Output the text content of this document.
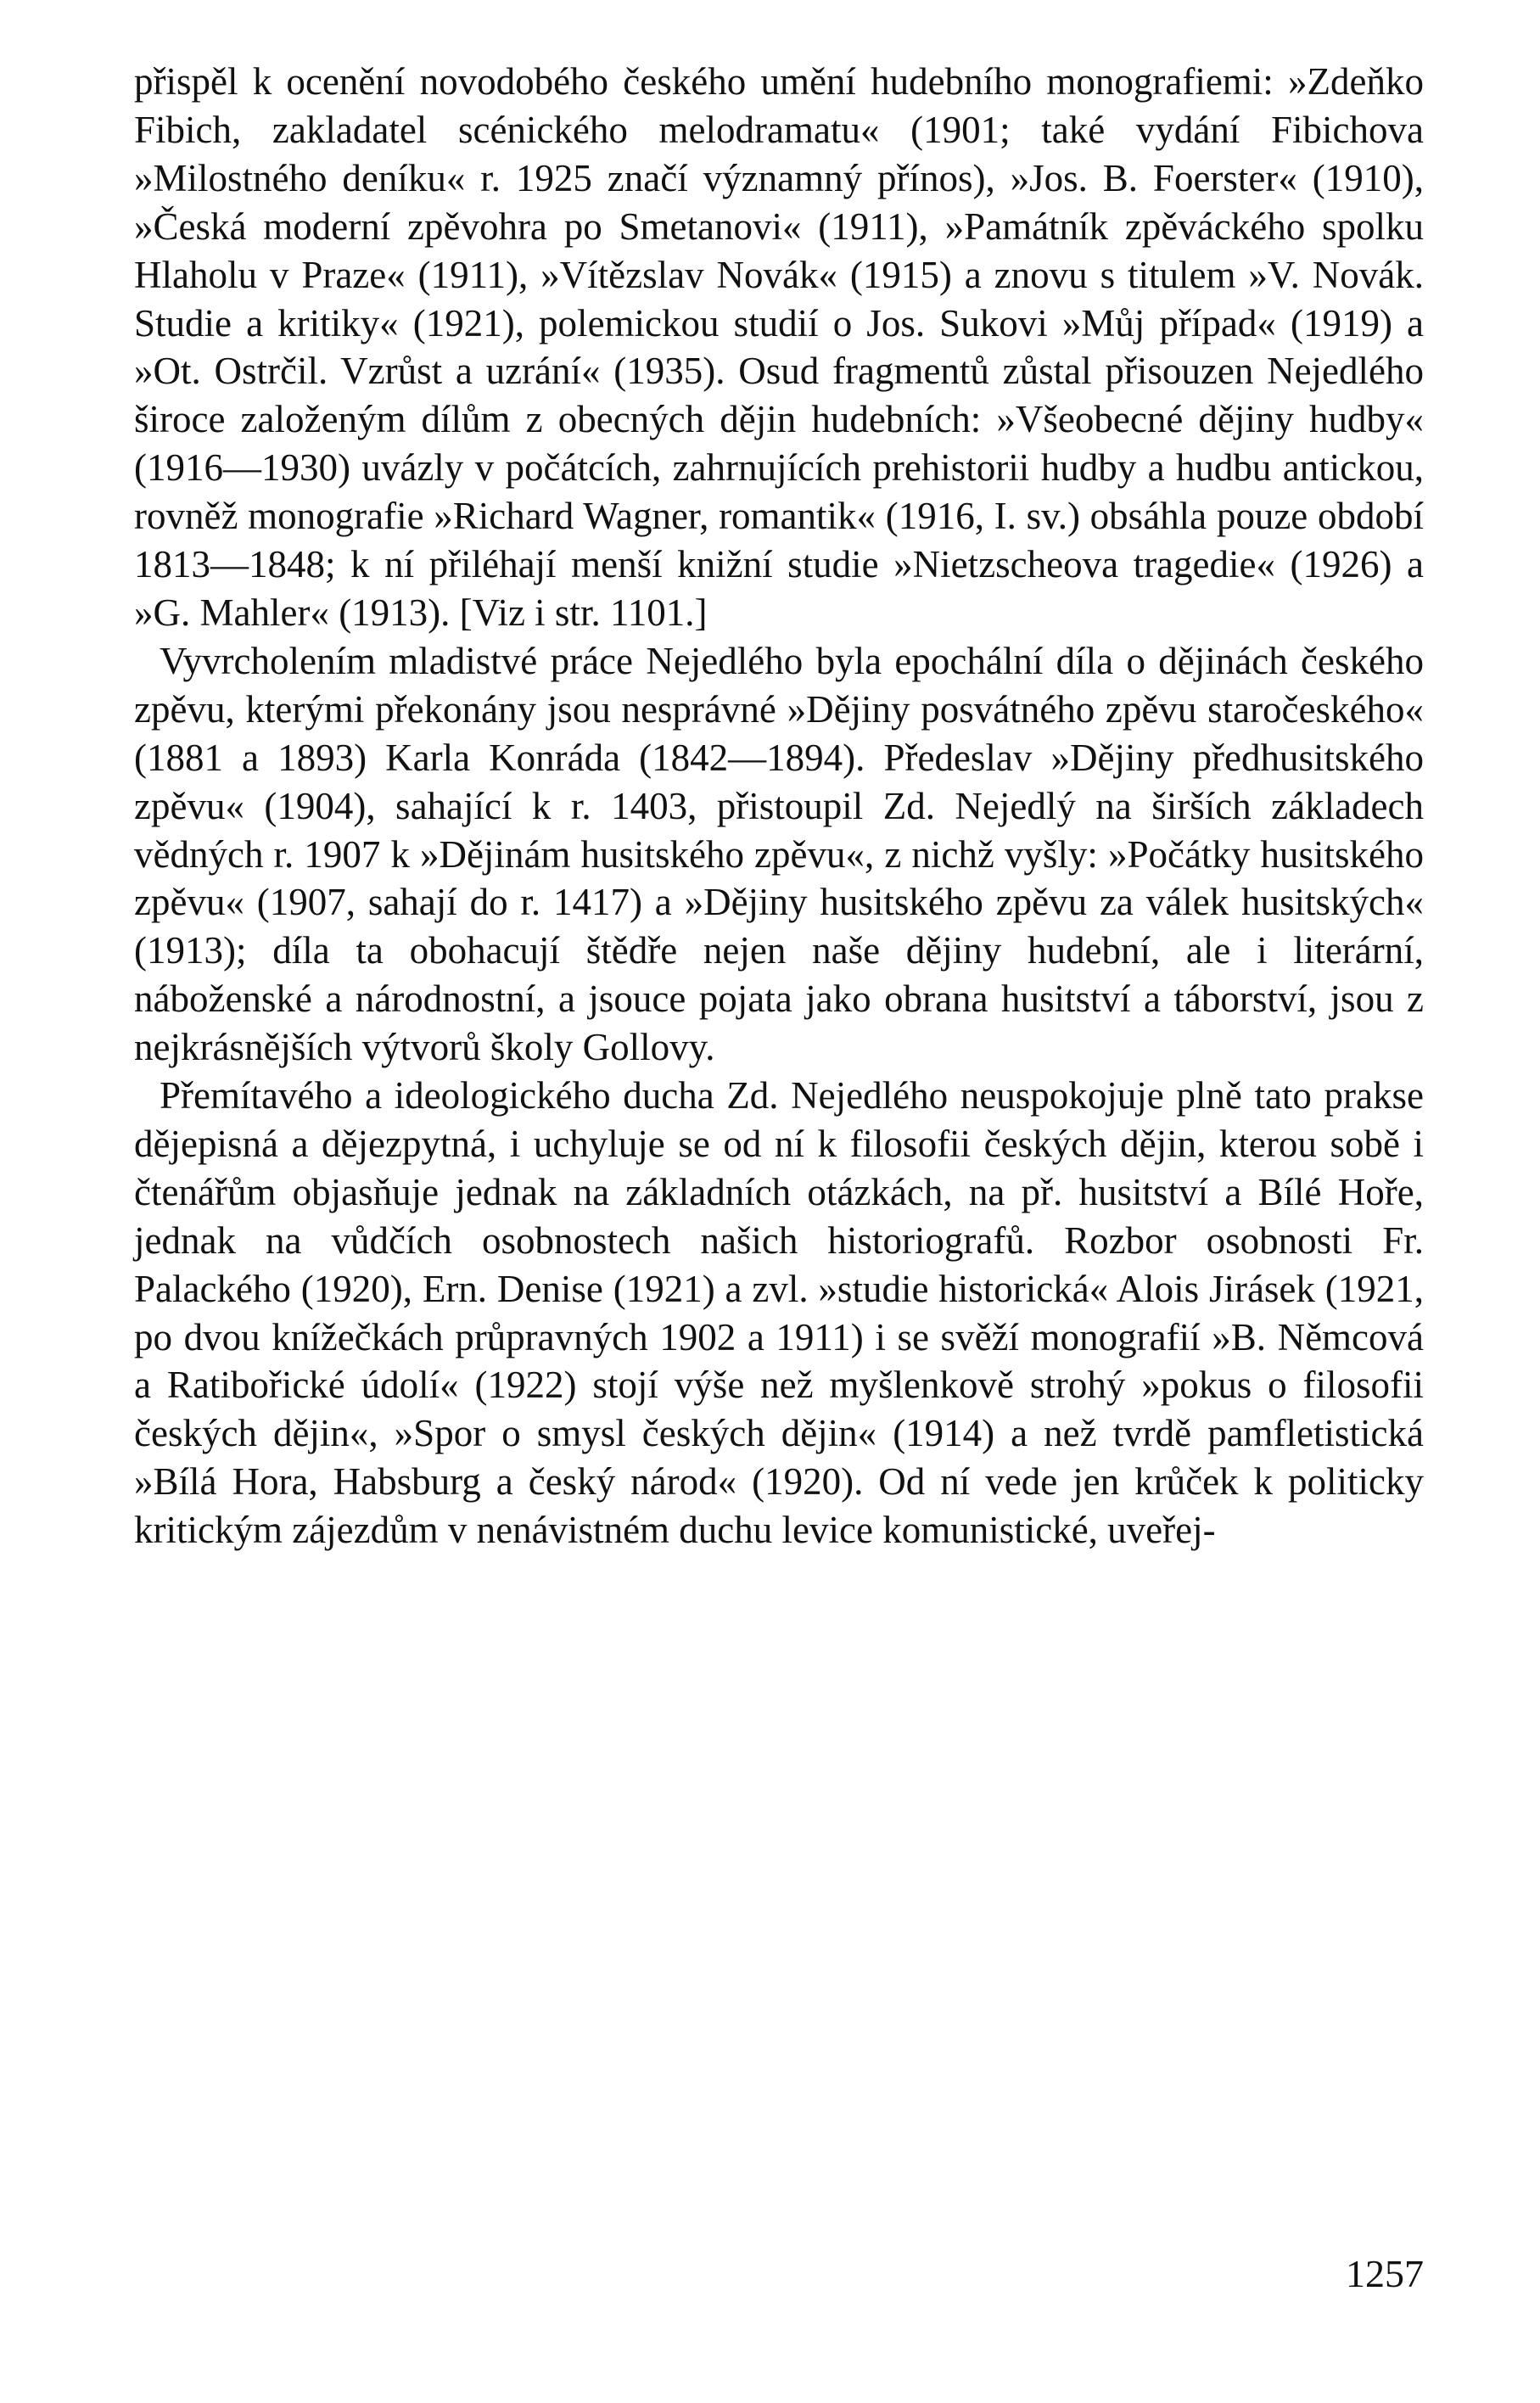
přispěl k ocenění novodobého českého umění hudebního monografiemi: »Zdeňko Fibich, zakladatel scénického melodramatu« (1901; také vydání Fibichova »Milostného deníku« r. 1925 značí významný přínos), »Jos. B. Foerster« (1910), »Česká moderní zpěvohra po Smetanovi« (1911), »Památník zpěváckého spolku Hlaholu v Praze« (1911), »Vítězslav Novák« (1915) a znovu s titulem »V. Novák. Studie a kritiky« (1921), polemickou studií o Jos. Sukovi »Můj případ« (1919) a »Ot. Ostrčil. Vzrůst a uzrání« (1935). Osud fragmentů zůstal přisouzen Nejedlého široce založeným dílům z obecných dějin hudebních: »Všeobecné dějiny hudby« (1916—1930) uvázly v počátcích, zahrnujících prehistorii hudby a hudbu antickou, rovněž monografie »Richard Wagner, romantik« (1916, I. sv.) obsáhla pouze období 1813—1848; k ní přiléhají menší knižní studie »Nietzscheova tragedie« (1926) a »G. Mahler« (1913). [Viz i str. 1101.]

Vyvrcholením mladistvé práce Nejedlého byla epochální díla o dějinách českého zpěvu, kterými překonány jsou nesprávné »Dějiny posvátného zpěvu staročeského« (1881 a 1893) Karla Konráda (1842—1894). Předeslav »Dějiny předhusitského zpěvu« (1904), sahající k r. 1403, přistoupil Zd. Nejedlý na širších základech vědných r. 1907 k »Dějinám husitského zpěvu«, z nichž vyšly: »Počátky husitského zpěvu« (1907, sahají do r. 1417) a »Dějiny husitského zpěvu za válek husitských« (1913); díla ta obohacují štědře nejen naše dějiny hudební, ale i literární, náboženské a národnostní, a jsouce pojata jako obrana husitství a táborství, jsou z nejkrásnějších výtvorů školy Gollovy.

Přemítavého a ideologického ducha Zd. Nejedlého neuspokojuje plně tato prakse dějepisná a dějezpytná, i uchyluje se od ní k filosofii českých dějin, kterou sobě i čtenářům objasňuje jednak na základních otázkách, na př. husitství a Bílé Hoře, jednak na vůdčích osobnostech našich historiografů. Rozbor osobnosti Fr. Palackého (1920), Ern. Denise (1921) a zvl. »studie historická« Alois Jirásek (1921, po dvou knížečkách průpravných 1902 a 1911) i se svěží monografií »B. Němcová a Ratibořické údolí« (1922) stojí výše než myšlenkově strohý »pokus o filosofii českých dějin«, »Spor o smysl českých dějin« (1914) a než tvrdě pamfletistická »Bílá Hora, Habsburg a český národ« (1920). Od ní vede jen krůček k politicky kritickým zájezdům v nenávistném duchu levice komunistické, uveřej-

1257
